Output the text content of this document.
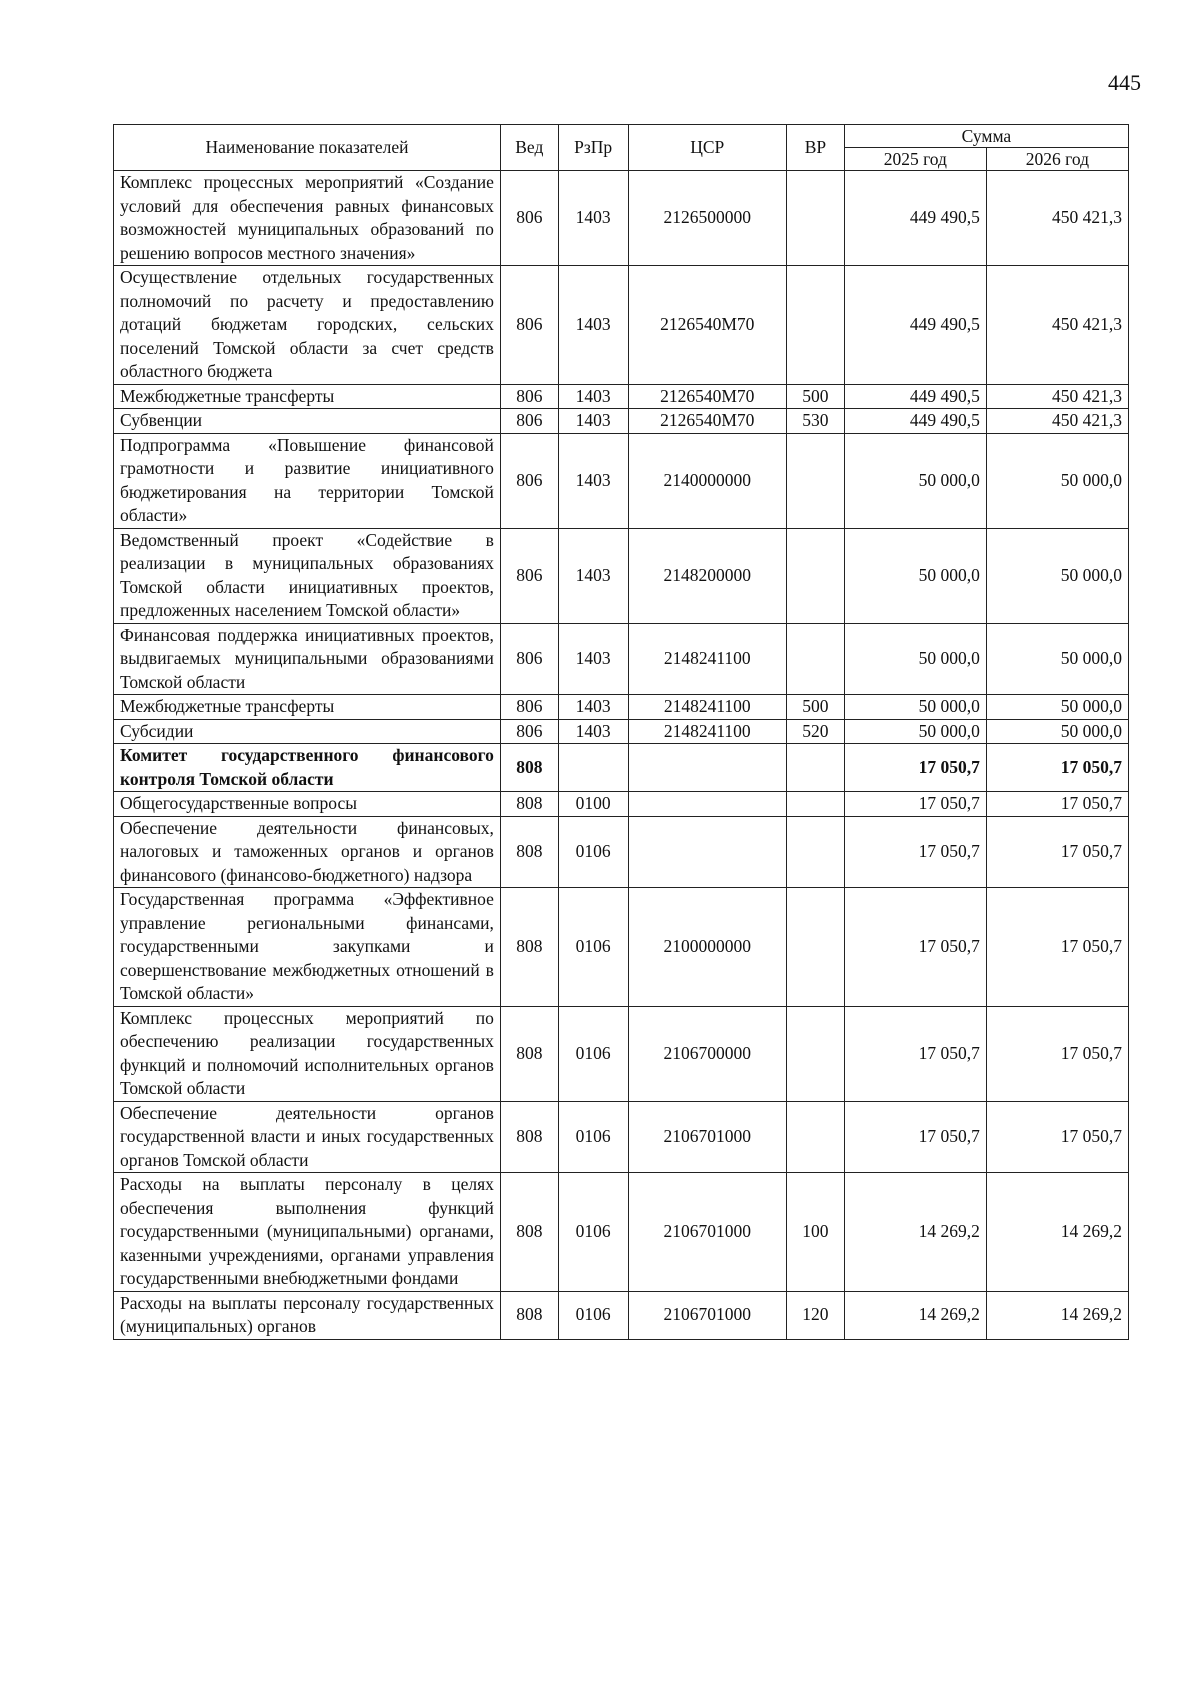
445
Наименование показателей	Вед	РзПр	ЦСР	ВР	Сумма	
					2025 год	2026 год
Комплекс процессных мероприятий «Создание условий для обеспечения равных финансовых возможностей муниципальных образований по решению вопросов местного значения»	806	1403	2126500000		449 490,5	450 421,3
Осуществление отдельных государственных полномочий по расчету и предоставлению дотаций бюджетам городских, сельских поселений Томской области за счет средств областного бюджета	806	1403	2126540М70		449 490,5	450 421,3
Межбюджетные трансферты	806	1403	2126540М70	500	449 490,5	450 421,3
Субвенции	806	1403	2126540М70	530	449 490,5	450 421,3
Подпрограмма «Повышение финансовой грамотности и развитие инициативного бюджетирования на территории Томской области»	806	1403	2140000000		50 000,0	50 000,0
Ведомственный проект «Содействие в реализации в муниципальных образованиях Томской области инициативных проектов, предложенных населением Томской области»	806	1403	2148200000		50 000,0	50 000,0
Финансовая поддержка инициативных проектов, выдвигаемых муниципальными образованиями Томской области	806	1403	2148241100		50 000,0	50 000,0
Межбюджетные трансферты	806	1403	2148241100	500	50 000,0	50 000,0
Субсидии	806	1403	2148241100	520	50 000,0	50 000,0
Комитет государственного финансового контроля Томской области	808				17 050,7	17 050,7
Общегосударственные вопросы	808	0100			17 050,7	17 050,7
Обеспечение деятельности финансовых, налоговых и таможенных органов и органов финансового (финансово-бюджетного) надзора	808	0106			17 050,7	17 050,7
Государственная программа «Эффективное управление региональными финансами, государственными закупками и совершенствование межбюджетных отношений в Томской области»	808	0106	2100000000		17 050,7	17 050,7
Комплекс процессных мероприятий по обеспечению реализации государственных функций и полномочий исполнительных органов Томской области	808	0106	2106700000		17 050,7	17 050,7
Обеспечение деятельности органов государственной власти и иных государственных органов Томской области	808	0106	2106701000		17 050,7	17 050,7
Расходы на выплаты персоналу в целях обеспечения выполнения функций государственными (муниципальными) органами, казенными учреждениями, органами управления государственными внебюджетными фондами	808	0106	2106701000	100	14 269,2	14 269,2
Расходы на выплаты персоналу государственных (муниципальных) органов	808	0106	2106701000	120	14 269,2	14 269,2
